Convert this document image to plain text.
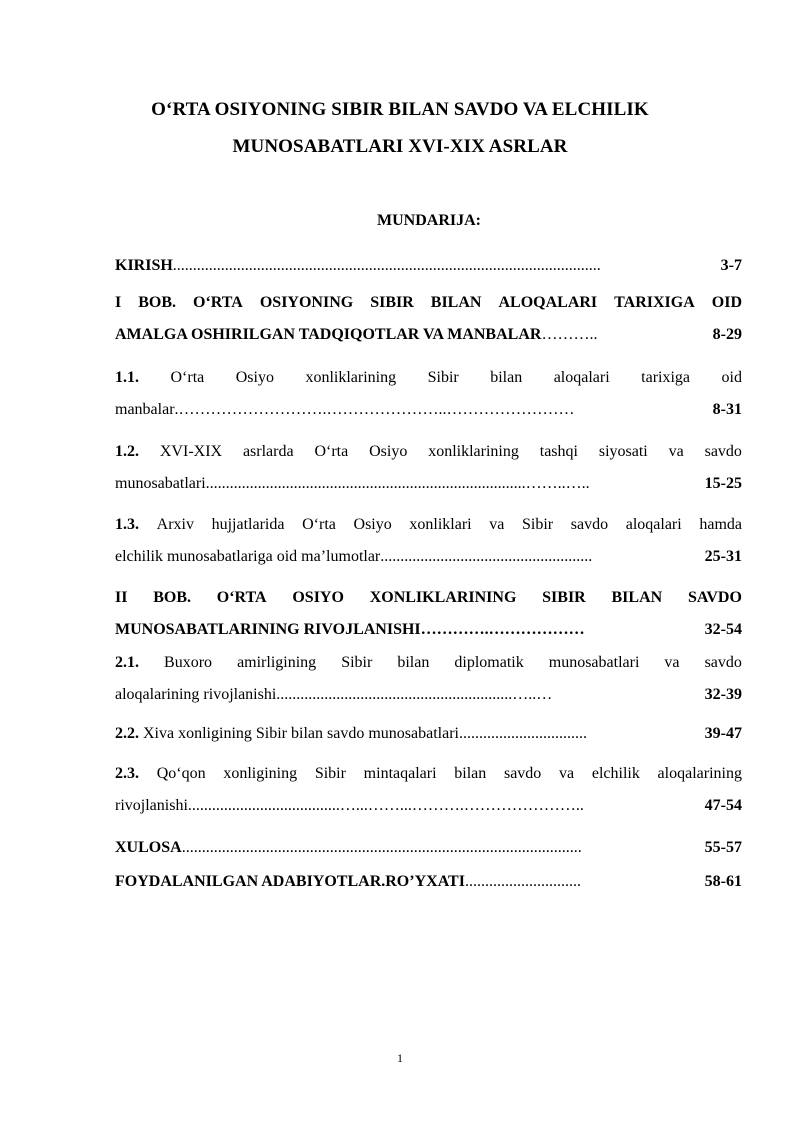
O‘RTA OSIYONING SIBIR BILAN SAVDO VA ELCHILIK
MUNOSABATLARI XVI-XIX ASRLAR
MUNDARIJA:
KIRISH ...........................................................................................................	3-7
I BOB. O‘RTA OSIYONING SIBIR BILAN ALOQALARI TARIXIGA OID
AMALGA OSHIRILGAN TADQIQOTLAR VA MANBALAR ………..	8-29
1.1. O‘rta Osiyo xonliklarining Sibir bilan aloqalari tarixiga oid
manbalar .……………………….…………………..……………………	8-31
1.2. XVI-XIX asrlarda O‘rta Osiyo xonliklarining tashqi siyosati va savdo
munosabatlari ................................................................................……..…..	15-25
1.3. Arxiv hujjatlarida O‘rta Osiyo xonliklari va Sibir savdo aloqalari hamda
elchilik munosabatlariga oid ma’lumotlar .....................................................	25-31
II BOB. O‘RTA OSIYO XONLIKLARINING SIBIR BILAN SAVDO
MUNOSABATLARINING RIVOJLANISHI ………….………………	32-54
2.1. Buxoro amirligining Sibir bilan diplomatik munosabatlari va savdo
aloqalarining rivojlanishi ...........................................................…..…	32-39
2.2. Xiva xonligining Sibir bilan savdo munosabatlari ................................	39-47
2.3. Qo‘qon xonligining Sibir mintaqalari bilan savdo va elchilik aloqalarining
rivojlanishi ......................................…...……...……….…………………..	47-54
XULOSA ....................................................................................................	55-57
FOYDALANILGAN ADABIYOTLAR.RO’YXATI .............................	58-61
1
